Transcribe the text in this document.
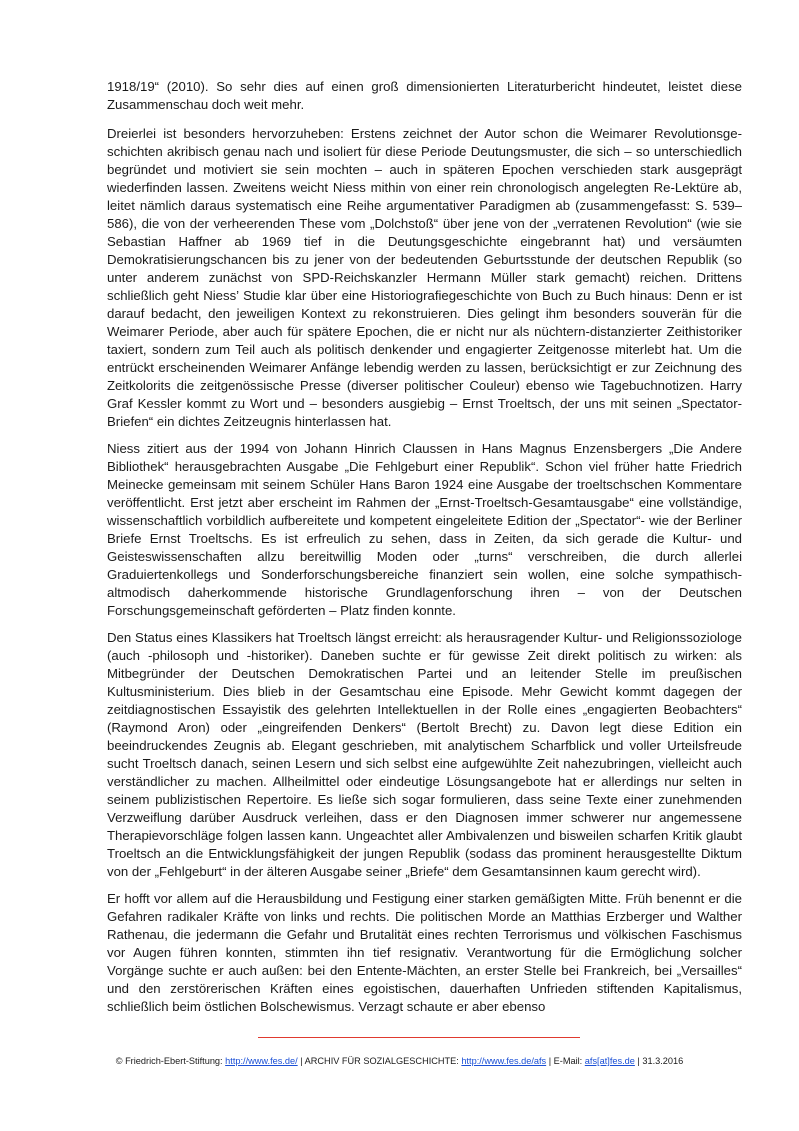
1918/19“ (2010). So sehr dies auf einen groß dimensionierten Literaturbericht hindeutet, leistet diese Zusammenschau doch weit mehr.

Dreierlei ist besonders hervorzuheben: Erstens zeichnet der Autor schon die Weimarer Revolutionsgeschichten akribisch genau nach und isoliert für diese Periode Deutungsmuster, die sich – so unterschiedlich begründet und motiviert sie sein mochten – auch in späteren Epochen verschieden stark ausgeprägt wiederfinden lassen. Zweitens weicht Niess mithin von einer rein chronologisch angelegten Re-Lektüre ab, leitet nämlich daraus systematisch eine Reihe argumentativer Paradigmen ab (zusammengefasst: S. 539–586), die von der verheerenden These vom „Dolchstoß“ über jene von der „verratenen Revolution“ (wie sie Sebastian Haffner ab 1969 tief in die Deutungsgeschichte eingebrannt hat) und versäumten Demokratisierungschancen bis zu jener von der bedeutenden Geburtsstunde der deutschen Republik (so unter anderem zunächst von SPD-Reichskanzler Hermann Müller stark gemacht) reichen. Drittens schließlich geht Niess’ Studie klar über eine Historiografiegeschichte von Buch zu Buch hinaus: Denn er ist darauf bedacht, den jeweiligen Kontext zu rekonstruieren. Dies gelingt ihm besonders souverän für die Weimarer Periode, aber auch für spätere Epochen, die er nicht nur als nüchtern-distanzierter Zeithistoriker taxiert, sondern zum Teil auch als politisch denkender und engagierter Zeitgenosse miterlebt hat. Um die entrückt erscheinenden Weimarer Anfänge lebendig werden zu lassen, berücksichtigt er zur Zeichnung des Zeitkolorits die zeitgenössische Presse (diverser politischer Couleur) ebenso wie Tagebuchnotizen. Harry Graf Kessler kommt zu Wort und – besonders ausgiebig – Ernst Troeltsch, der uns mit seinen „Spectator-Briefen“ ein dichtes Zeitzeugnis hinterlassen hat.

Niess zitiert aus der 1994 von Johann Hinrich Claussen in Hans Magnus Enzensbergers „Die Andere Bibliothek“ herausgebrachten Ausgabe „Die Fehlgeburt einer Republik“. Schon viel früher hatte Friedrich Meinecke gemeinsam mit seinem Schüler Hans Baron 1924 eine Ausgabe der troeltschschen Kommentare veröffentlicht. Erst jetzt aber erscheint im Rahmen der „Ernst-Troeltsch-Gesamtausgabe“ eine vollständige, wissenschaftlich vorbildlich aufbereitete und kompetent eingeleitete Edition der „Spectator“- wie der Berliner Briefe Ernst Troeltschs. Es ist erfreulich zu sehen, dass in Zeiten, da sich gerade die Kultur- und Geisteswissenschaften allzu bereitwillig Moden oder „turns“ verschreiben, die durch allerlei Graduiertenkollegs und Sonderforschungsbereiche finanziert sein wollen, eine solche sympathisch-altmodisch daherkommende historische Grundlagenforschung ihren – von der Deutschen Forschungsgemeinschaft geförderten – Platz finden konnte.

Den Status eines Klassikers hat Troeltsch längst erreicht: als herausragender Kultur- und Religionssoziologe (auch -philosoph und -historiker). Daneben suchte er für gewisse Zeit direkt politisch zu wirken: als Mitbegründer der Deutschen Demokratischen Partei und an leitender Stelle im preußischen Kultusministerium. Dies blieb in der Gesamtschau eine Episode. Mehr Gewicht kommt dagegen der zeitdiagnostischen Essayistik des gelehrten Intellektuellen in der Rolle eines „engagierten Beobachters“ (Raymond Aron) oder „eingreifenden Denkers“ (Bertolt Brecht) zu. Davon legt diese Edition ein beeindruckendes Zeugnis ab. Elegant geschrieben, mit analytischem Scharfblick und voller Urteilsfreude sucht Troeltsch danach, seinen Lesern und sich selbst eine aufgewühlte Zeit nahezubringen, vielleicht auch verständlicher zu machen. Allheilmittel oder eindeutige Lösungsangebote hat er allerdings nur selten in seinem publizistischen Repertoire. Es ließe sich sogar formulieren, dass seine Texte einer zunehmenden Verzweiflung darüber Ausdruck verleihen, dass er den Diagnosen immer schwerer nur angemessene Therapievorschläge folgen lassen kann. Ungeachtet aller Ambivalenzen und bisweilen scharfen Kritik glaubt Troeltsch an die Entwicklungsfähigkeit der jungen Republik (sodass das prominent herausgestellte Diktum von der „Fehlgeburt“ in der älteren Ausgabe seiner „Briefe“ dem Gesamtansinnen kaum gerecht wird).

Er hofft vor allem auf die Herausbildung und Festigung einer starken gemäßigten Mitte. Früh benennt er die Gefahren radikaler Kräfte von links und rechts. Die politischen Morde an Matthias Erzberger und Walther Rathenau, die jedermann die Gefahr und Brutalität eines rechten Terrorismus und völkischen Faschismus vor Augen führen konnten, stimmten ihn tief resignativ. Verantwortung für die Ermöglichung solcher Vorgänge suchte er auch außen: bei den Entente-Mächten, an erster Stelle bei Frankreich, bei „Versailles“ und den zerstörerischen Kräften eines egoistischen, dauerhaften Unfrieden stiftenden Kapitalismus, schließlich beim östlichen Bolschewismus. Verzagt schaute er aber ebenso

© Friedrich-Ebert-Stiftung: http://www.fes.de/ | ARCHIV FÜR SOZIALGESCHICHTE: http://www.fes.de/afs | E-Mail: afs[at]fes.de | 31.3.2016
